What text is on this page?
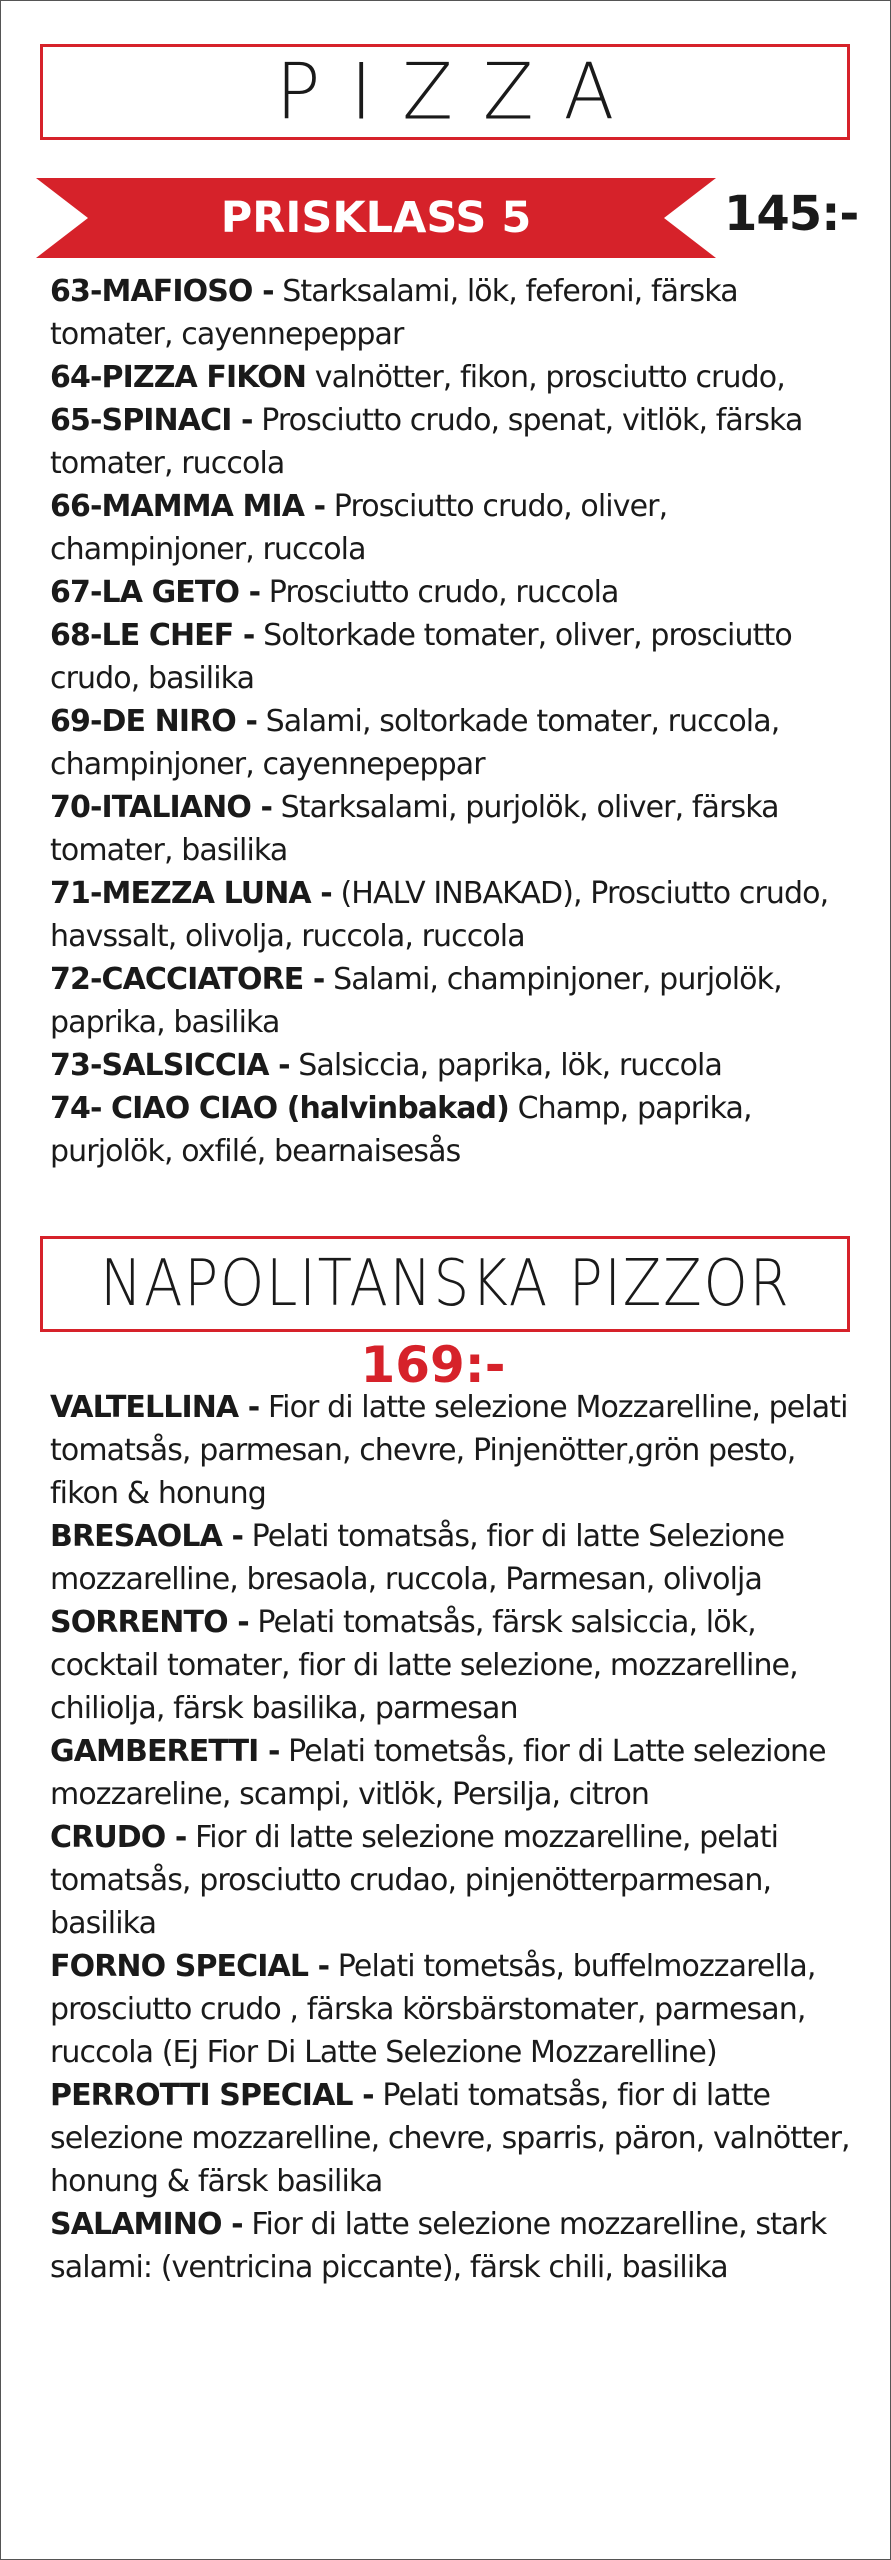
PIZZA
PRISKLASS 5	145:-
63-MAFIOSO - Starksalami, lök, feferoni, färska tomater, cayennepeppar
64-PIZZA FIKON valnötter, fikon, prosciutto crudo,
65-SPINACI - Prosciutto crudo, spenat, vitlök, färska tomater, ruccola
66-MAMMA MIA - Prosciutto crudo, oliver, champinjoner, ruccola
67-LA GETO - Prosciutto crudo, ruccola
68-LE CHEF - Soltorkade tomater, oliver, prosciutto crudo, basilika
69-DE NIRO - Salami, soltorkade tomater, ruccola, champinjoner, cayennepeppar
70-ITALIANO - Starksalami, purjolök, oliver, färska tomater, basilika
71-MEZZA LUNA - (HALV INBAKAD), Prosciutto crudo, havssalt, olivolja, ruccola, ruccola
72-CACCIATORE - Salami, champinjoner, purjolök, paprika, basilika
73-SALSICCIA - Salsiccia, paprika, lök, ruccola
74- CIAO CIAO (halvinbakad) Champ, paprika, purjolök, oxfilé, bearnaisesås
NAPOLITANSKA PIZZOR
169:-
VALTELLINA - Fior di latte selezione Mozzarelline, pelati tomatsås, parmesan, chevre, Pinjenötter,grön pesto, fikon & honung
BRESAOLA - Pelati tomatsås, fior di latte Selezione mozzarelline, bresaola, ruccola, Parmesan, olivolja
SORRENTO - Pelati tomatsås, färsk salsiccia, lök, cocktail tomater, fior di latte selezione, mozzarelline, chiliolja, färsk basilika, parmesan
GAMBERETTI - Pelati tometsås, fior di Latte selezione mozzareline, scampi, vitlök, Persilja, citron
CRUDO - Fior di latte selezione mozzarelline, pelati tomatsås, prosciutto crudao, pinjenötterparmesan, basilika
FORNO SPECIAL - Pelati tometsås, buffelmozzarella, prosciutto crudo , färska körsbärstomater, parmesan, ruccola (Ej Fior Di Latte Selezione Mozzarelline)
PERROTTI SPECIAL - Pelati tomatsås, fior di latte selezione mozzarelline, chevre, sparris, päron, valnötter, honung & färsk basilika
SALAMINO - Fior di latte selezione mozzarelline, stark salami: (ventricina piccante), färsk chili, basilika
